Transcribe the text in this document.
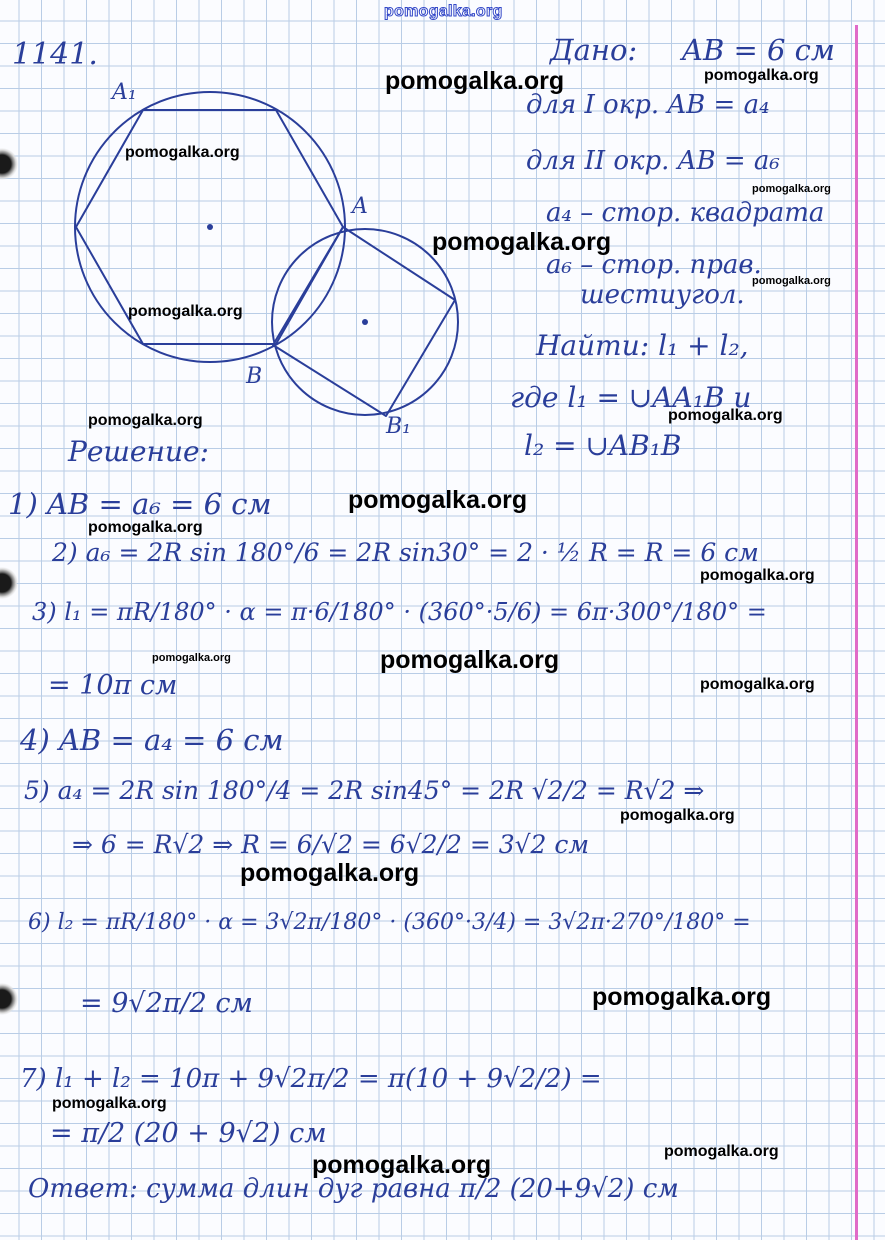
pomogalka.org
1141.
A₁
A
B
B₁
Дано: AB = 6 см
для I окр. AB = a₄
для II окр. AB = a₆
a₄ – стор. квадрата
a₆ – стор. прав.
шестиугол.
Найти: l₁ + l₂,
где l₁ = ∪AA₁B и
l₂ = ∪AB₁B
Решение:
1) AB = a₆ = 6 см
2) a₆ = 2R sin 180°/6 = 2R sin30° = 2 · ½ R = R = 6 см
3) l₁ = πR/180° · α = π·6/180° · (360°·5/6) = 6π·300°/180° =
= 10π см
4) AB = a₄ = 6 см
5) a₄ = 2R sin 180°/4 = 2R sin45° = 2R √2/2 = R√2 ⇒
⇒ 6 = R√2 ⇒ R = 6/√2 = 6√2/2 = 3√2 см
6) l₂ = πR/180° · α = 3√2π/180° · (360°·3/4) = 3√2π·270°/180° =
= 9√2π/2 см
7) l₁ + l₂ = 10π + 9√2π/2 = π(10 + 9√2/2) =
= π/2 (20 + 9√2) см
Ответ: сумма длин дуг равна π/2 (20+9√2) см
pomogalka.org	pomogalka.org
pomogalka.org
pomogalka.org
pomogalka.org
pomogalka.org
pomogalka.org
pomogalka.org
pomogalka.org
pomogalka.org
pomogalka.org
pomogalka.org
pomogalka.org	pomogalka.org
pomogalka.org
pomogalka.org
pomogalka.org
pomogalka.org
pomogalka.org
pomogalka.org
pomogalka.org
